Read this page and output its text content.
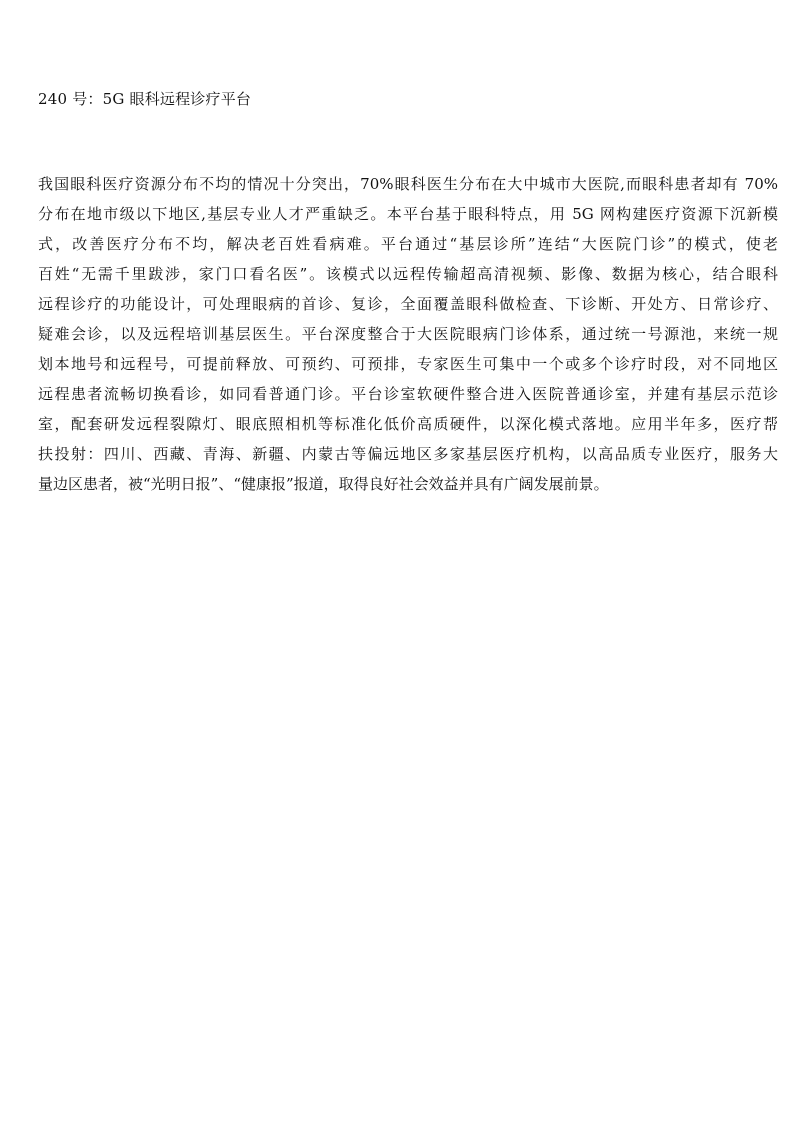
240 号：5G 眼科远程诊疗平台
我国眼科医疗资源分布不均的情况十分突出，70%眼科医生分布在大中城市大医院,而眼科患者却有 70%
分布在地市级以下地区,基层专业人才严重缺乏。本平台基于眼科特点，用 5G 网构建医疗资源下沉新模
式，改善医疗分布不均，解决老百姓看病难。平台通过“基层诊所”连结“大医院门诊”的模式，使老
百姓“无需千里跋涉，家门口看名医”。该模式以远程传输超高清视频、影像、数据为核心，结合眼科
远程诊疗的功能设计，可处理眼病的首诊、复诊，全面覆盖眼科做检查、下诊断、开处方、日常诊疗、
疑难会诊，以及远程培训基层医生。平台深度整合于大医院眼病门诊体系，通过统一号源池，来统一规
划本地号和远程号，可提前释放、可预约、可预排，专家医生可集中一个或多个诊疗时段，对不同地区
远程患者流畅切换看诊，如同看普通门诊。平台诊室软硬件整合进入医院普通诊室，并建有基层示范诊
室，配套研发远程裂隙灯、眼底照相机等标准化低价高质硬件，以深化模式落地。应用半年多，医疗帮
扶投射：四川、西藏、青海、新疆、内蒙古等偏远地区多家基层医疗机构，以高品质专业医疗，服务大
量边区患者，被“光明日报”、“健康报”报道，取得良好社会效益并具有广阔发展前景。
